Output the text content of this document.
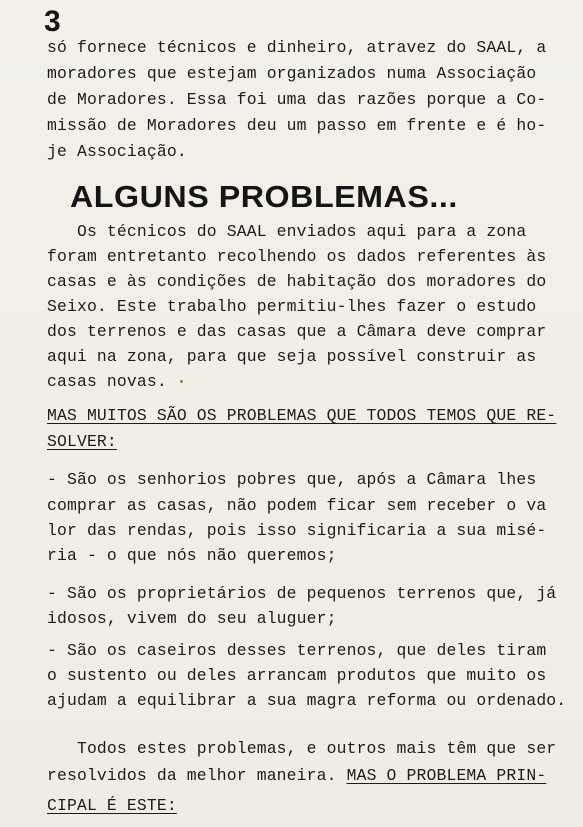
3
só fornece técnicos e dinheiro, atravez do SAAL, a
moradores que estejam organizados numa Associação
de Moradores. Essa foi uma das razões porque a Co-
missão de Moradores deu um passo em frente e é ho-
je Associação.
ALGUNS PROBLEMAS...
Os técnicos do SAAL enviados aqui para a zona
foram entretanto recolhendo os dados referentes às
casas e às condições de habitação dos moradores do
Seixo. Este trabalho permitiu-lhes fazer o estudo
dos terrenos e das casas que a Câmara deve comprar
aqui na zona, para que seja possível construir as
casas novas.
MAS MUITOS SÃO OS PROBLEMAS QUE TODOS TEMOS QUE RE-
SOLVER:
- São os senhorios pobres que, após a Câmara lhes
comprar as casas, não podem ficar sem receber o va
lor das rendas, pois isso significaria a sua misé-
ria - o que nós não queremos;
- São os proprietários de pequenos terrenos que, já
idosos, vivem do seu aluguer;
- São os caseiros desses terrenos, que deles tiram
o sustento ou deles arrancam produtos que muito os
ajudam a equilibrar a sua magra reforma ou ordenado.
Todos estes problemas, e outros mais têm que ser
resolvidos da melhor maneira. MAS O PROBLEMA PRIN-
CIPAL É ESTE:
